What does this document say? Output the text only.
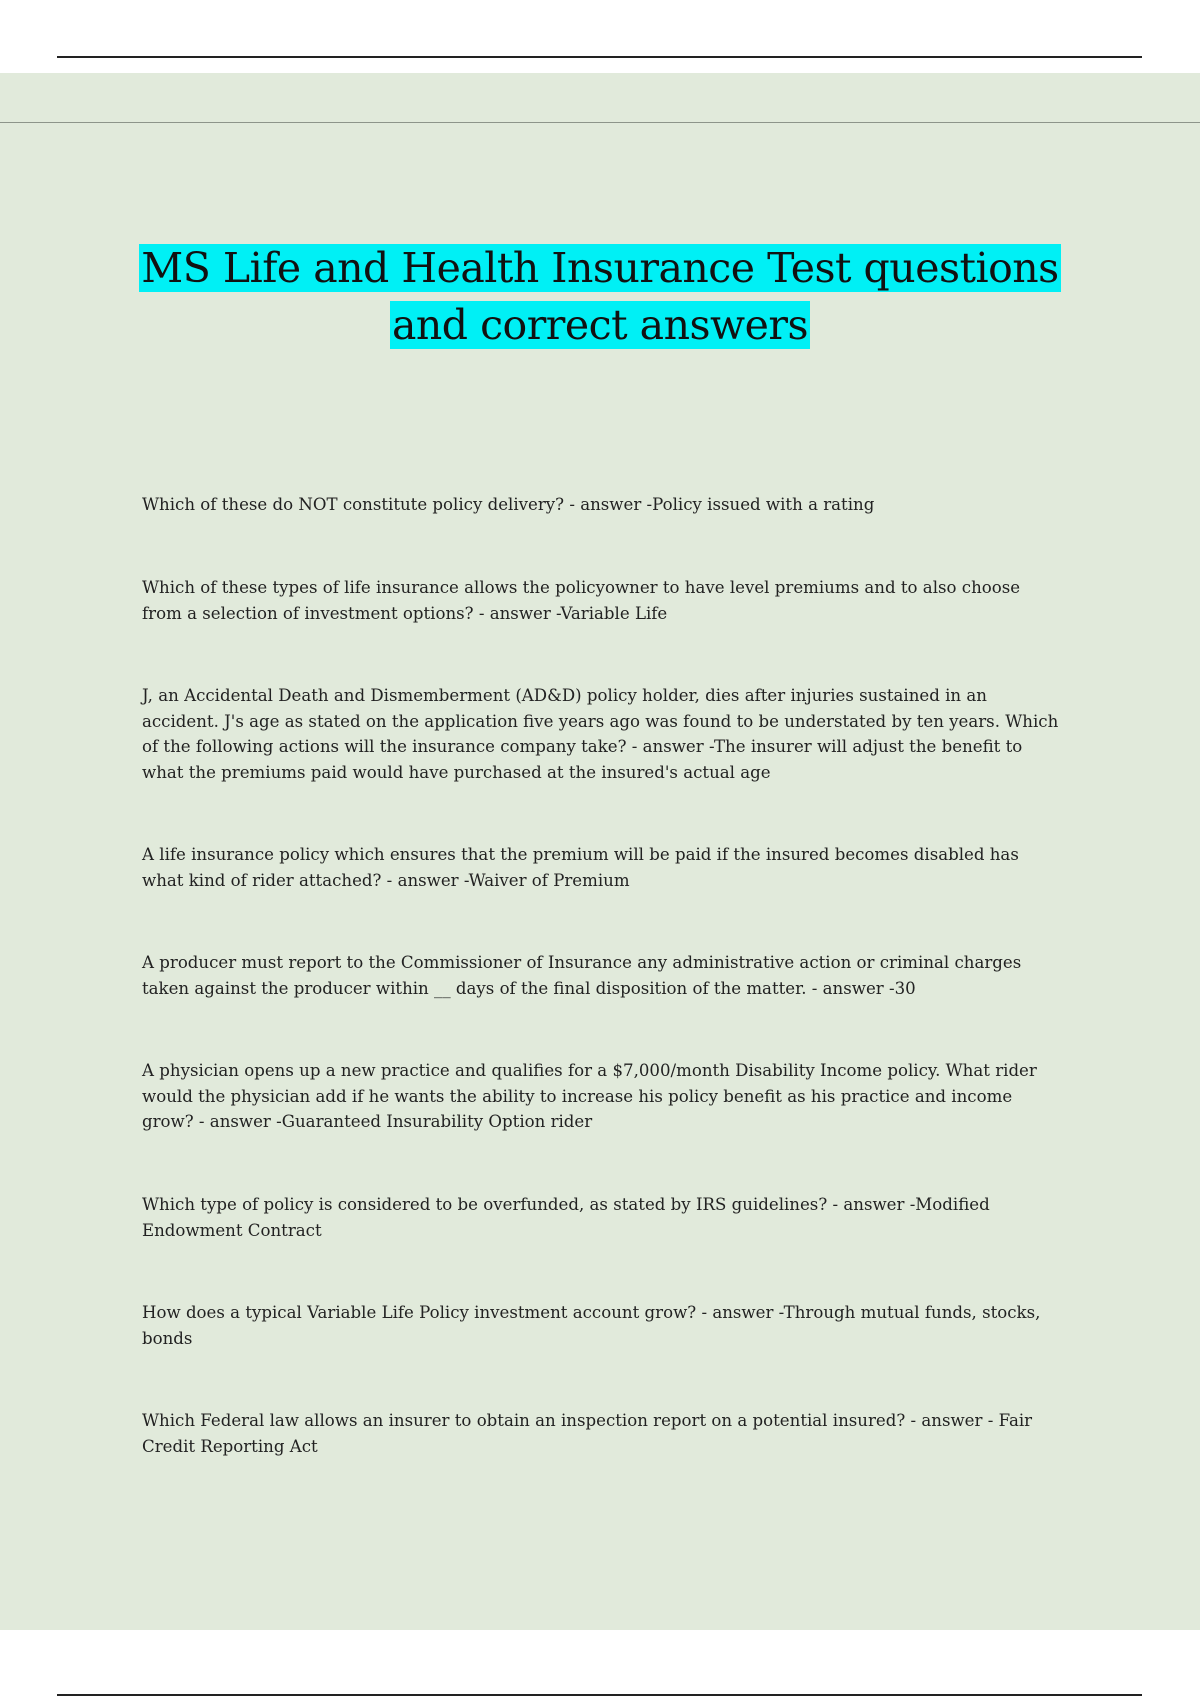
MS Life and Health Insurance Test questions
and correct answers

Which of these do NOT constitute policy delivery? - answer -Policy issued with a rating

Which of these types of life insurance allows the policyowner to have level premiums and to also choose from a selection of investment options? - answer -Variable Life

J, an Accidental Death and Dismemberment (AD&D) policy holder, dies after injuries sustained in an accident. J's age as stated on the application five years ago was found to be understated by ten years. Which of the following actions will the insurance company take? - answer -The insurer will adjust the benefit to what the premiums paid would have purchased at the insured's actual age

A life insurance policy which ensures that the premium will be paid if the insured becomes disabled has what kind of rider attached? - answer -Waiver of Premium

A producer must report to the Commissioner of Insurance any administrative action or criminal charges taken against the producer within __ days of the final disposition of the matter. - answer -30

A physician opens up a new practice and qualifies for a $7,000/month Disability Income policy. What rider would the physician add if he wants the ability to increase his policy benefit as his practice and income grow? - answer -Guaranteed Insurability Option rider

Which type of policy is considered to be overfunded, as stated by IRS guidelines? - answer -Modified Endowment Contract

How does a typical Variable Life Policy investment account grow? - answer -Through mutual funds, stocks, bonds

Which Federal law allows an insurer to obtain an inspection report on a potential insured? - answer - Fair Credit Reporting Act
